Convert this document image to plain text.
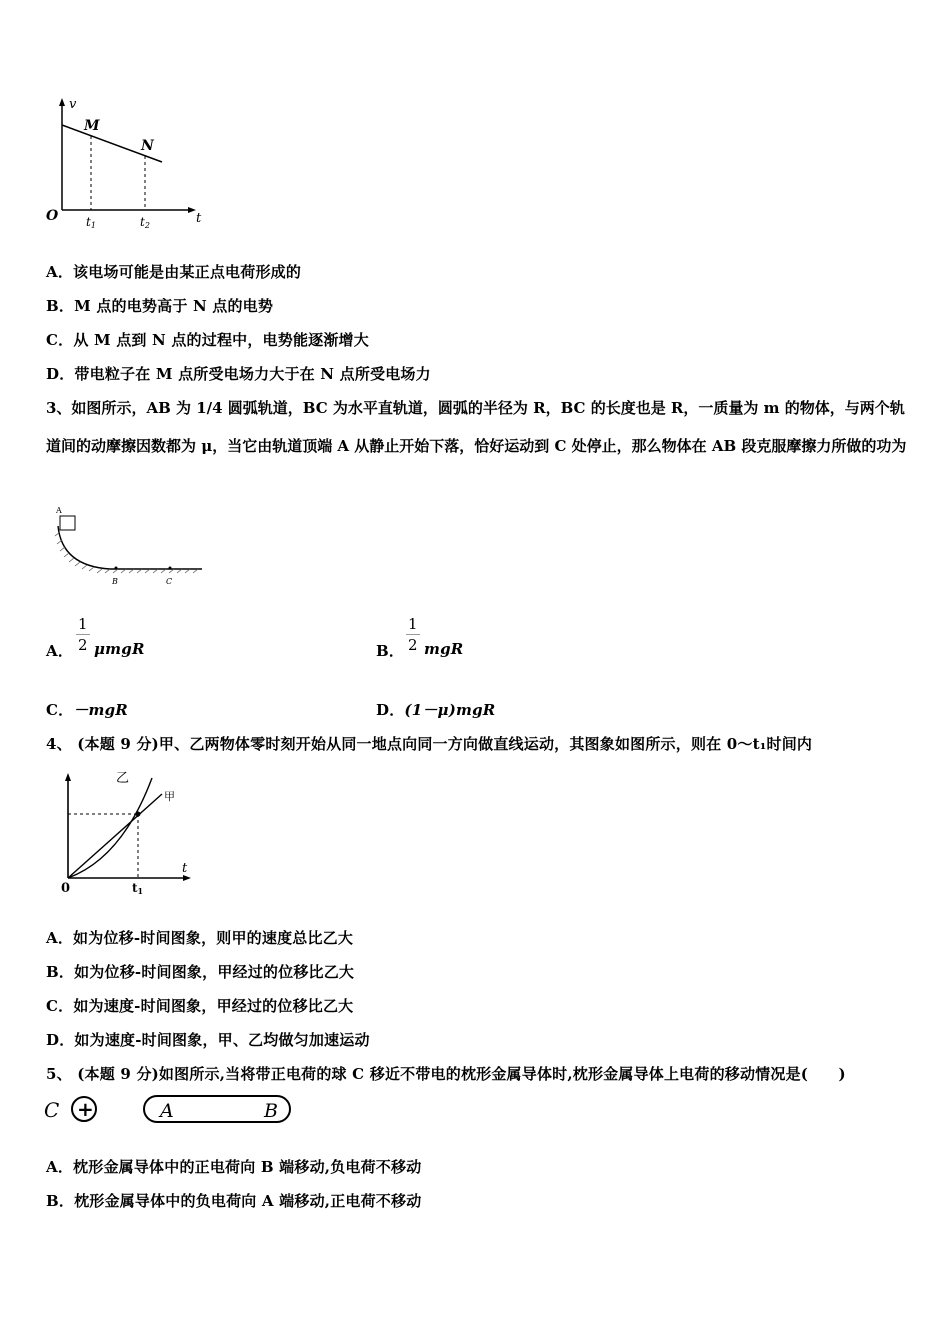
v
t
O
M
N
t1	t2
A．该电场可能是由某正点电荷形成的
B．M 点的电势高于 N 点的电势
C．从 M 点到 N 点的过程中，电势能逐渐增大
D．带电粒子在 M 点所受电场力大于在 N 点所受电场力
3、如图所示，AB 为 1/4 圆弧轨道，BC 为水平直轨道，圆弧的半径为 R，BC 的长度也是 R，一质量为 m 的物体，与两个轨道间的动摩擦因数都为 μ，当它由轨道顶端 A 从静止开始下落，恰好运动到 C 处停止，那么物体在 AB 段克服摩擦力所做的功为
A
B	C
A． $\frac{1}{2}$ μmgR	B． $\frac{1}{2}$ mgR
C．－mgR	D．(1－μ)mgR
4、 (本题 9 分)甲、乙两物体零时刻开始从同一地点向同一方向做直线运动，其图象如图所示，则在 0～t₁时间内
乙
甲
0
t
t1
A．如为位移-时间图象，则甲的速度总比乙大
B．如为位移-时间图象，甲经过的位移比乙大
C．如为速度-时间图象，甲经过的位移比乙大
D．如为速度-时间图象，甲、乙均做匀加速运动
5、 (本题 9 分)如图所示,当将带正电荷的球 C 移近不带电的枕形金属导体时,枕形金属导体上电荷的移动情况是(　　)
C +	A	B
A．枕形金属导体中的正电荷向 B 端移动,负电荷不移动
B．枕形金属导体中的负电荷向 A 端移动,正电荷不移动
